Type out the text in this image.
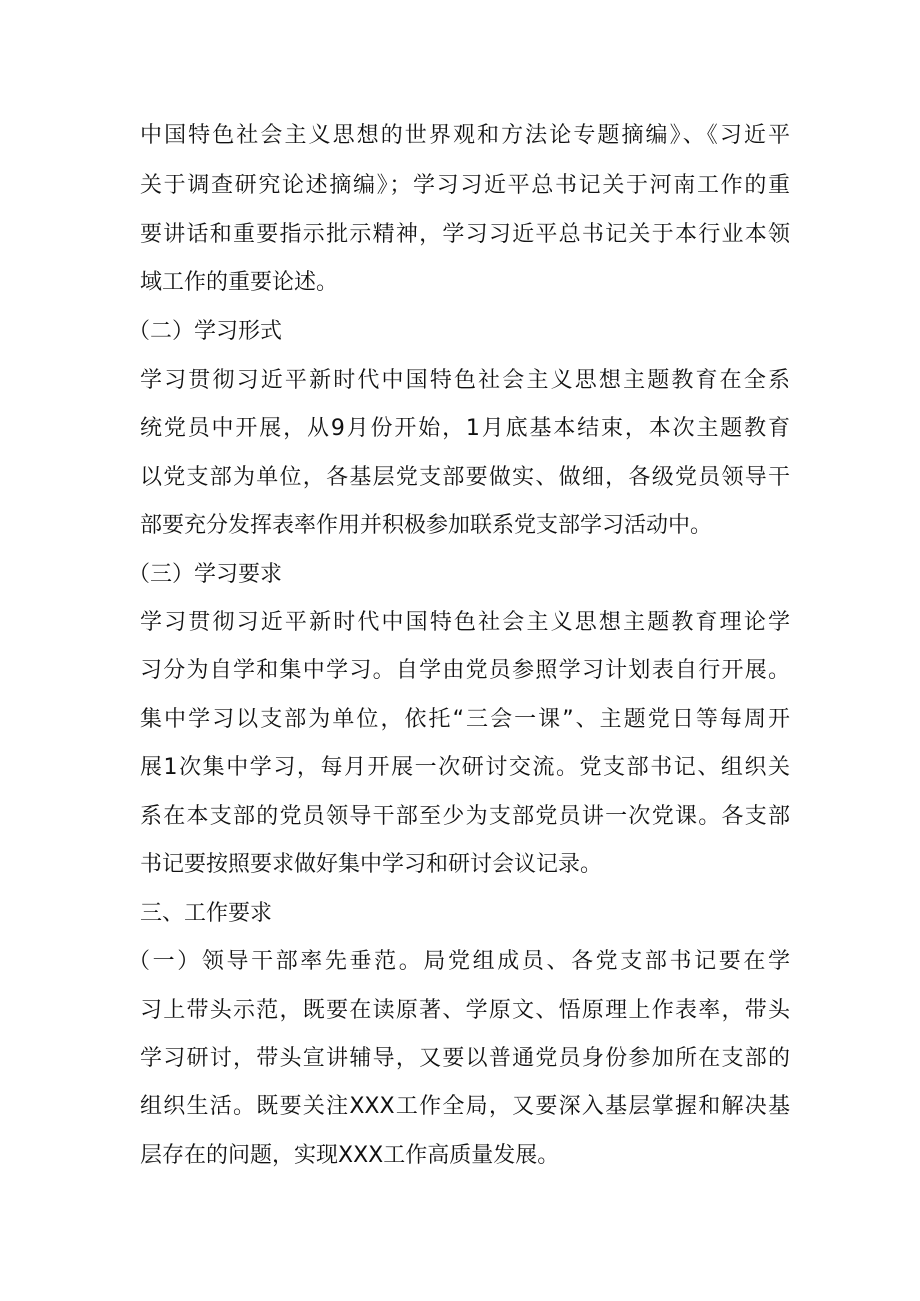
中国特色社会主义思想的世界观和方法论专题摘编》、《习近平
关于调查研究论述摘编》；学习习近平总书记关于河南工作的重
要讲话和重要指示批示精神，学习习近平总书记关于本行业本领
域工作的重要论述。
（二）学习形式
学习贯彻习近平新时代中国特色社会主义思想主题教育在全系
统党员中开展，从9月份开始，1月底基本结束，本次主题教育
以党支部为单位，各基层党支部要做实、做细，各级党员领导干
部要充分发挥表率作用并积极参加联系党支部学习活动中。
（三）学习要求
学习贯彻习近平新时代中国特色社会主义思想主题教育理论学
习分为自学和集中学习。自学由党员参照学习计划表自行开展。
集中学习以支部为单位，依托“三会一课”、主题党日等每周开
展1次集中学习，每月开展一次研讨交流。党支部书记、组织关
系在本支部的党员领导干部至少为支部党员讲一次党课。各支部
书记要按照要求做好集中学习和研讨会议记录。
三、工作要求
（一）领导干部率先垂范。局党组成员、各党支部书记要在学
习上带头示范，既要在读原著、学原文、悟原理上作表率，带头
学习研讨，带头宣讲辅导，又要以普通党员身份参加所在支部的
组织生活。既要关注XXX工作全局，又要深入基层掌握和解决基
层存在的问题，实现XXX工作高质量发展。
